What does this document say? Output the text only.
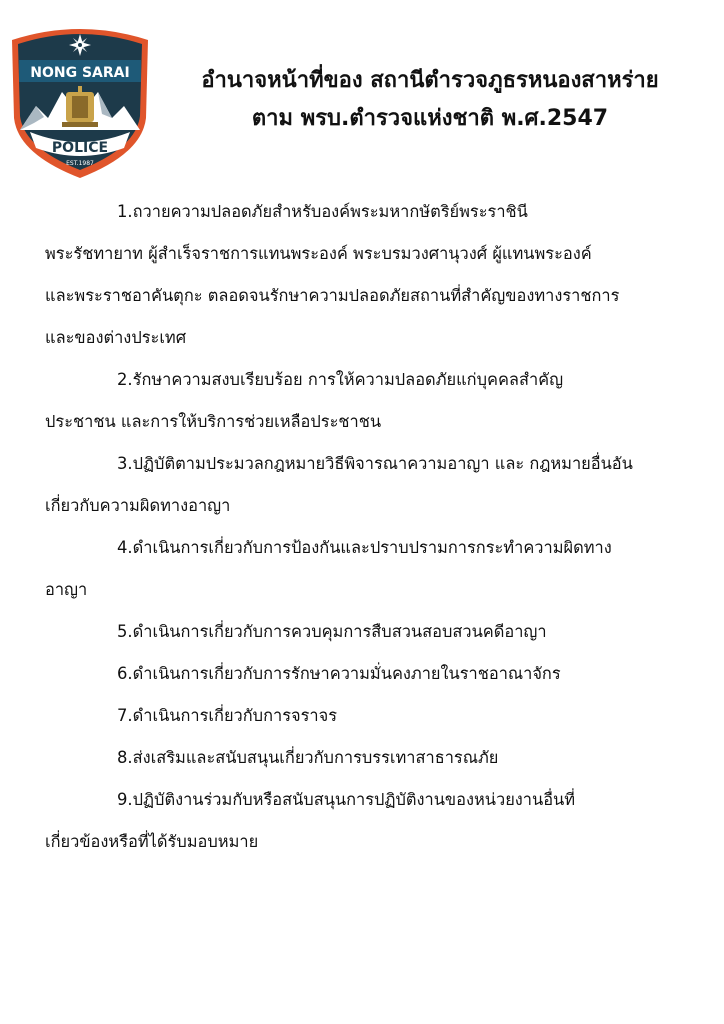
NONG SARAI
POLICE
EST.1987
อำนาจหน้าที่ของ สถานีตำรวจภูธรหนองสาหร่าย
ตาม พรบ.ตำรวจแห่งชาติ พ.ศ.2547
1.ถวายความปลอดภัยสำหรับองค์พระมหากษัตริย์พระราชินี
พระรัชทายาท ผู้สำเร็จราชการแทนพระองค์ พระบรมวงศานุวงศ์ ผู้แทนพระองค์
และพระราชอาคันตุกะ ตลอดจนรักษาความปลอดภัยสถานที่สำคัญของทางราชการ
และของต่างประเทศ
2.รักษาความสงบเรียบร้อย การให้ความปลอดภัยแก่บุคคลสำคัญ
ประชาชน และการให้บริการช่วยเหลือประชาชน
3.ปฏิบัติตามประมวลกฎหมายวิธีพิจารณาความอาญา และ กฎหมายอื่นอัน
เกี่ยวกับความผิดทางอาญา
4.ดำเนินการเกี่ยวกับการป้องกันและปราบปรามการกระทำความผิดทาง
อาญา
5.ดำเนินการเกี่ยวกับการควบคุมการสืบสวนสอบสวนคดีอาญา
6.ดำเนินการเกี่ยวกับการรักษาความมั่นคงภายในราชอาณาจักร
7.ดำเนินการเกี่ยวกับการจราจร
8.ส่งเสริมและสนับสนุนเกี่ยวกับการบรรเทาสาธารณภัย
9.ปฏิบัติงานร่วมกับหรือสนับสนุนการปฏิบัติงานของหน่วยงานอื่นที่
เกี่ยวข้องหรือที่ได้รับมอบหมาย
